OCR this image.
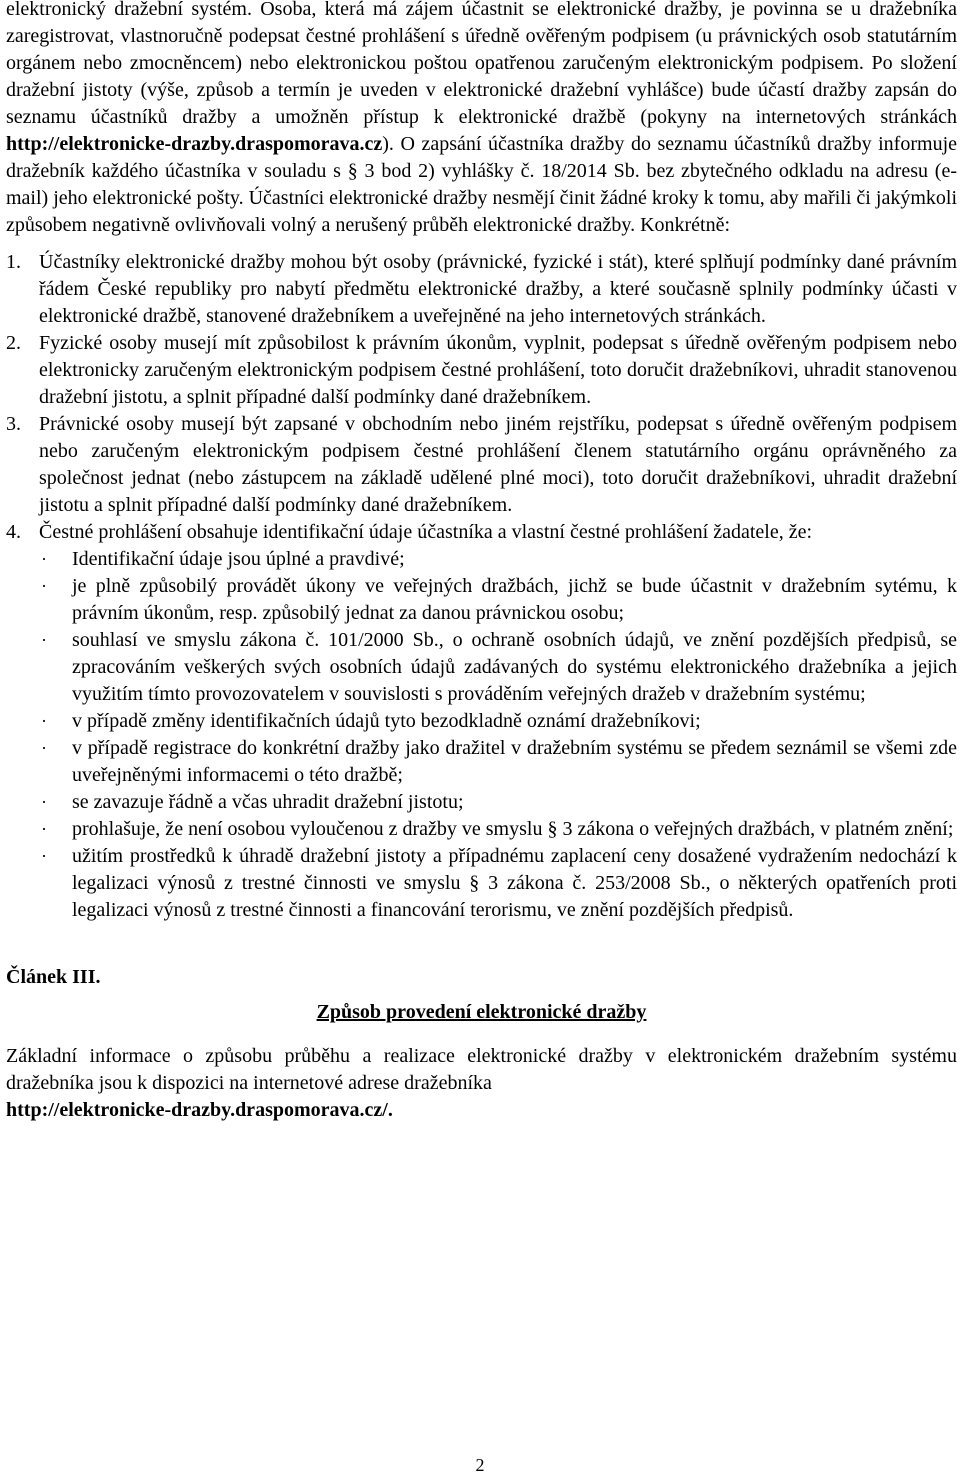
elektronický dražební systém. Osoba, která má zájem účastnit se elektronické dražby, je povinna se u dražebníka zaregistrovat, vlastnoručně podepsat čestné prohlášení s úředně ověřeným podpisem (u právnických osob statutárním orgánem nebo zmocněncem) nebo elektronickou poštou opatřenou zaručeným elektronickým podpisem. Po složení dražební jistoty (výše, způsob a termín je uveden v elektronické dražební vyhlášce) bude účastí dražby zapsán do seznamu účastníků dražby a umožněn přístup k elektronické dražbě (pokyny na internetových stránkách http://elektronicke-drazby.draspomorava.cz). O zapsání účastníka dražby do seznamu účastníků dražby informuje dražebník každého účastníka v souladu s § 3 bod 2) vyhlášky č. 18/2014 Sb. bez zbytečného odkladu na adresu (e-mail) jeho elektronické pošty. Účastníci elektronické dražby nesmějí činit žádné kroky k tomu, aby mařili či jakýmkoli způsobem negativně ovlivňovali volný a nerušený průběh elektronické dražby. Konkrétně:

1. Účastníky elektronické dražby mohou být osoby (právnické, fyzické i stát), které splňují podmínky dané právním řádem České republiky pro nabytí předmětu elektronické dražby, a které současně splnily podmínky účasti v elektronické dražbě, stanovené dražebníkem a uveřejněné na jeho internetových stránkách.
2. Fyzické osoby musejí mít způsobilost k právním úkonům, vyplnit, podepsat s úředně ověřeným podpisem nebo elektronicky zaručeným elektronickým podpisem čestné prohlášení, toto doručit dražebníkovi, uhradit stanovenou dražební jistotu, a splnit případné další podmínky dané dražebníkem.
3. Právnické osoby musejí být zapsané v obchodním nebo jiném rejstříku, podepsat s úředně ověřeným podpisem nebo zaručeným elektronickým podpisem čestné prohlášení členem statutárního orgánu oprávněného za společnost jednat (nebo zástupcem na základě udělené plné moci), toto doručit dražebníkovi, uhradit dražební jistotu a splnit případné další podmínky dané dražebníkem.
4. Čestné prohlášení obsahuje identifikační údaje účastníka a vlastní čestné prohlášení žadatele, že:
· Identifikační údaje jsou úplné a pravdivé;
· je plně způsobilý provádět úkony ve veřejných dražbách, jichž se bude účastnit v dražebním sytému, k právním úkonům, resp. způsobilý jednat za danou právnickou osobu;
· souhlasí ve smyslu zákona č. 101/2000 Sb., o ochraně osobních údajů, ve znění pozdějších předpisů, se zpracováním veškerých svých osobních údajů zadávaných do systému elektronického dražebníka a jejich využitím tímto provozovatelem v souvislosti s prováděním veřejných dražeb v dražebním systému;
· v případě změny identifikačních údajů tyto bezodkladně oznámí dražebníkovi;
· v případě registrace do konkrétní dražby jako dražitel v dražebním systému se předem seznámil se všemi zde uveřejněnými informacemi o této dražbě;
· se zavazuje řádně a včas uhradit dražební jistotu;
· prohlašuje, že není osobou vyloučenou z dražby ve smyslu § 3 zákona o veřejných dražbách, v platném znění;
· užitím prostředků k úhradě dražební jistoty a případnému zaplacení ceny dosažené vydražením nedochází k legalizaci výnosů z trestné činnosti ve smyslu § 3 zákona č. 253/2008 Sb., o některých opatřeních proti legalizaci výnosů z trestné činnosti a financování terorismu, ve znění pozdějších předpisů.
Článek III.
Způsob provedení elektronické dražby

Základní informace o způsobu průběhu a realizace elektronické dražby v elektronickém dražebním systému dražebníka jsou k dispozici na internetové adrese dražebníka
http://elektronicke-drazby.draspomorava.cz/.

2
